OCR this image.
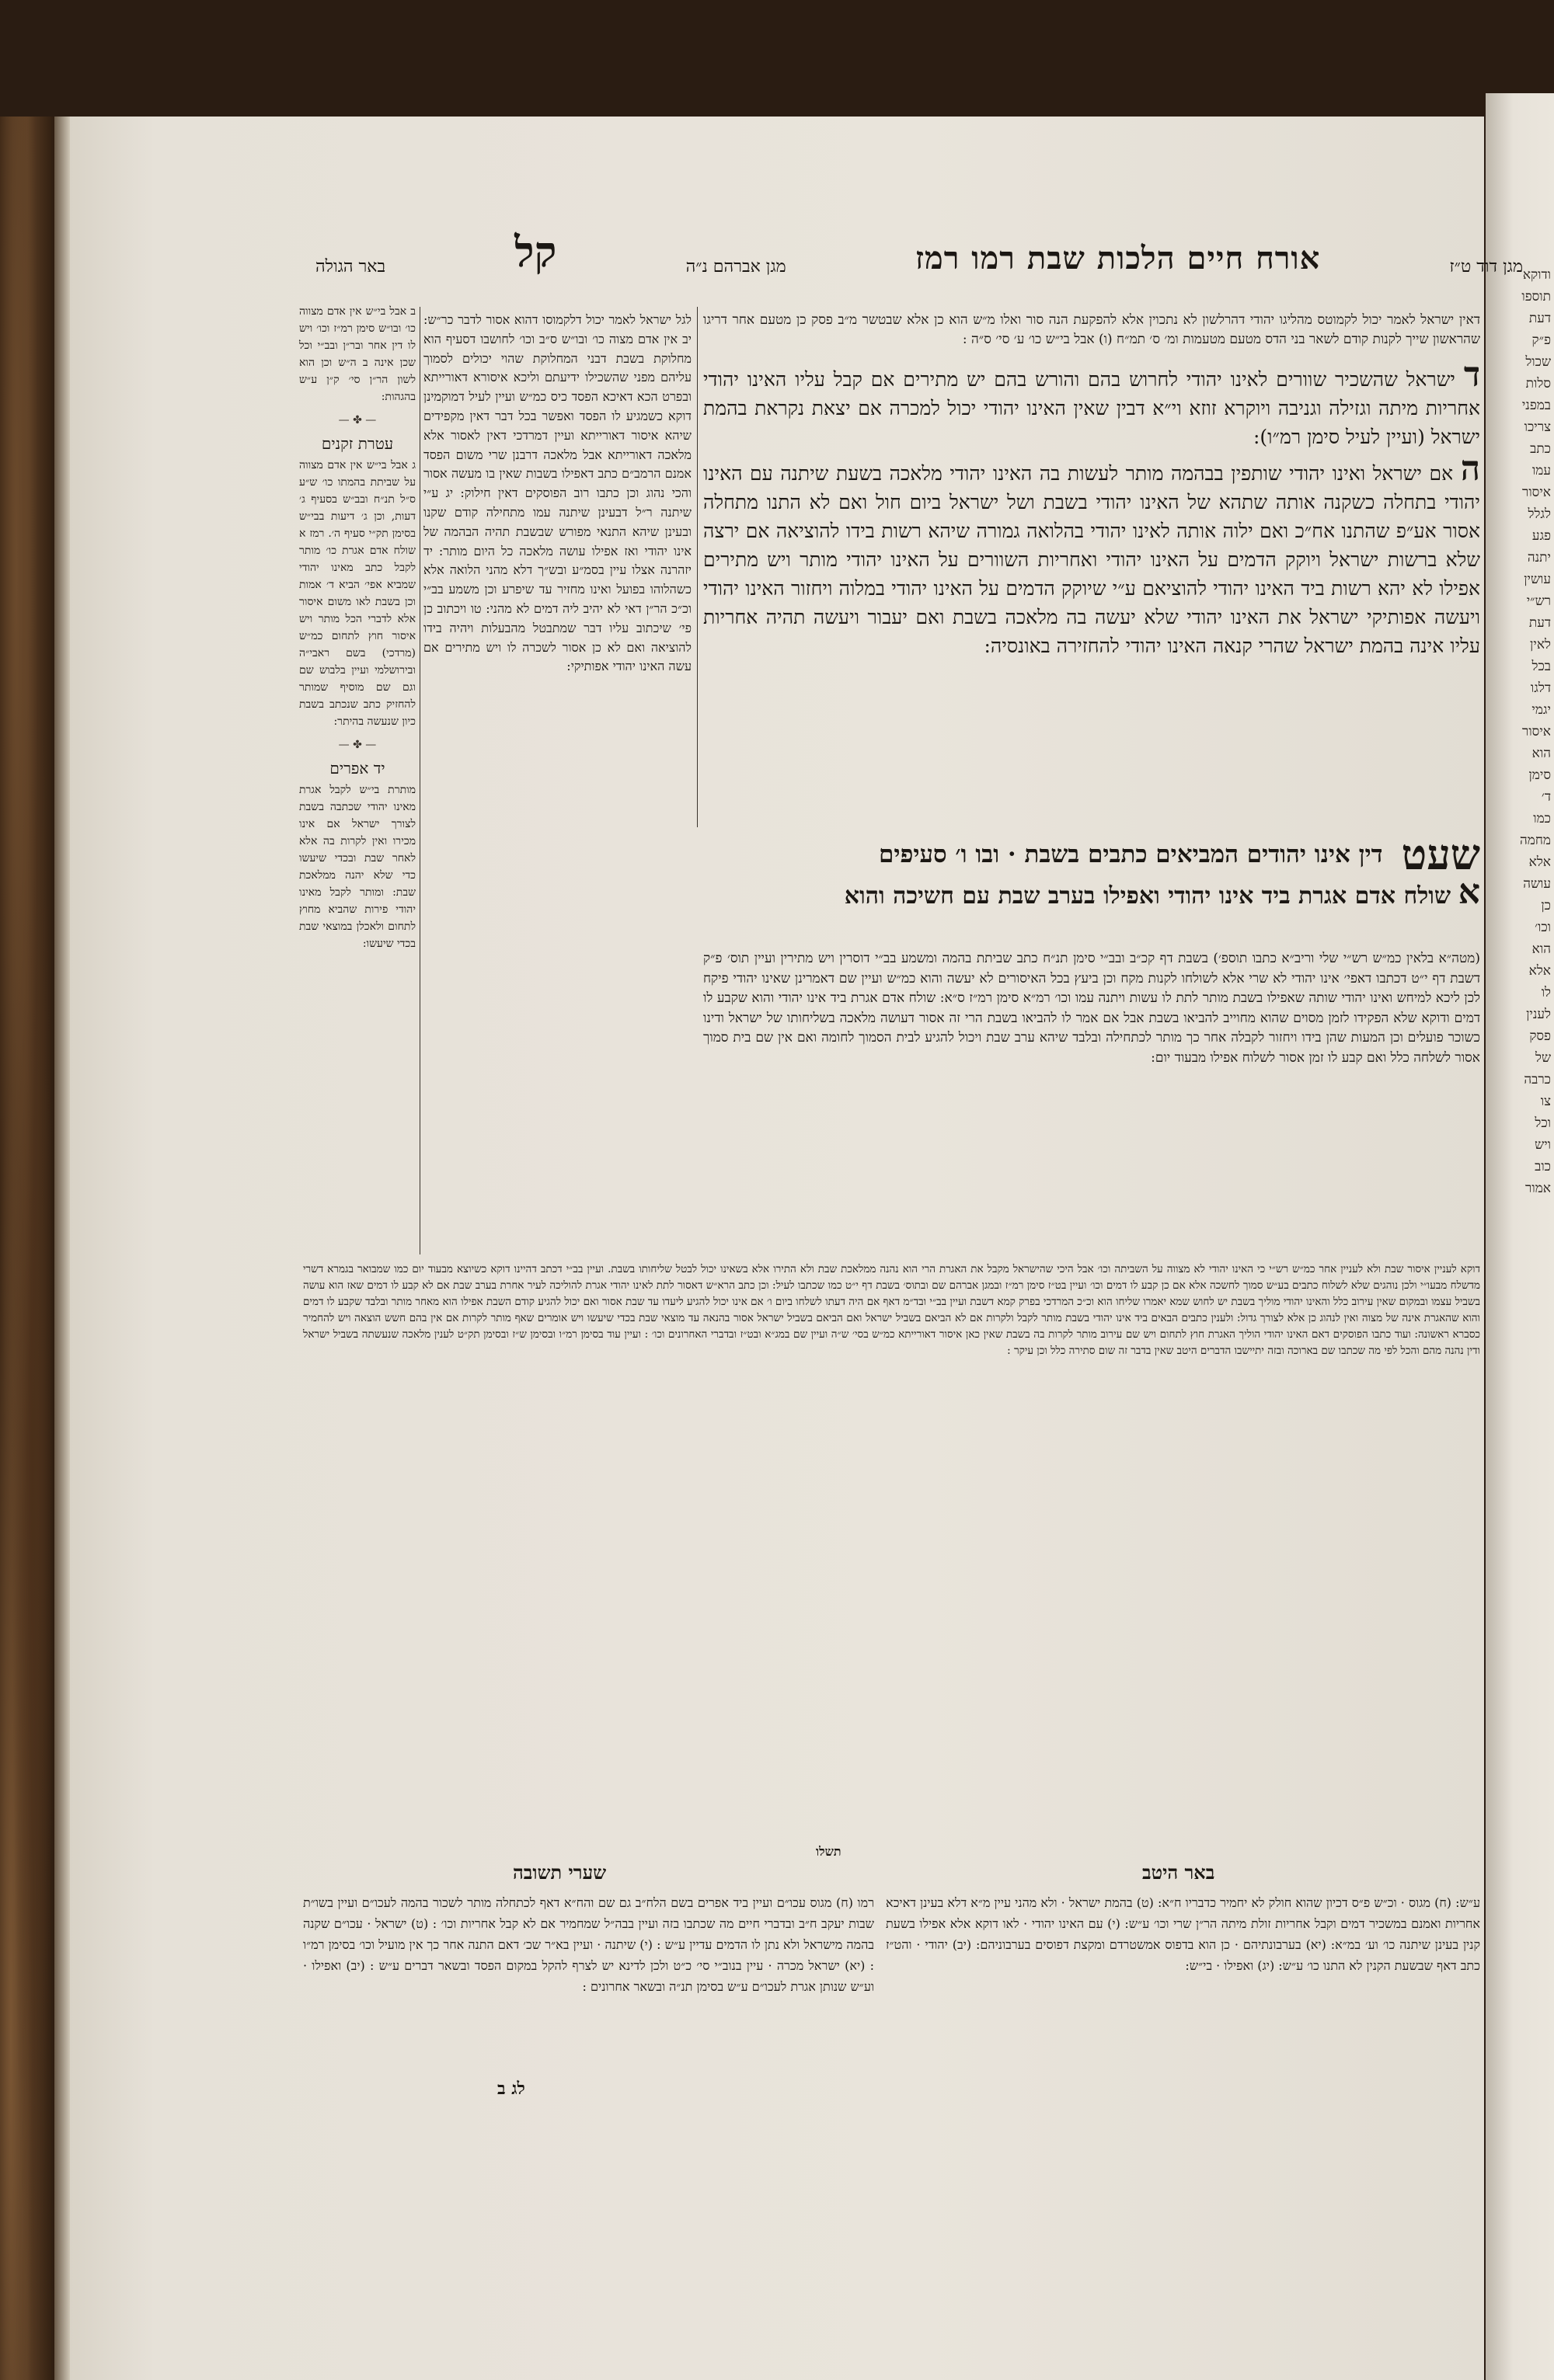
ודוקא
תוספו
דעת
פ״ק
שכול
סלות
במפני
צריכו
כתב
עמו
איסור
לגלל
פגע
יתנה
עושין
רש״י
דעת
לאין
בכל
דלגו
יגמי
איסור
הוא
סימן
ד׳
כמו
מחמה
אלא
עושה
כן
וכו׳
הוא
אלא
לו
לענין
פסק
של
כרבה
צו
וכל
ויש
כוב
אמור
באר הגולה	קל	מגן אברהם נ״ה	אורח חיים הלכות שבת רמו רמז	מגן דוד ט״ז

דאין ישראל לאמר יכול לקמוטס מהליגו יהודי דהרלשון לא נתכוין אלא להפקעת הנה סור ואלו מ״ש הוא כן אלא שבטשר מ״ב פסק כן מטעם אחר דריגו שהראשון שייך לקנות קודם לשאר בני הדס מטעם מטעמות ומ׳ ס׳ תמ״ח (ו) אבל בי״ש כו׳ ע׳ סי׳ ס״ה :

ד ישראל שהשכיר שוורים לאינו יהודי לחרוש בהם והורש בהם יש מתירים אם קבל עליו האינו יהודי אחריות מיתה וגזילה וגניבה ויוקרא זוזא וי״א דבין שאין האינו יהודי יכול למכרה אם יצאת נקראת בהמת ישראל (ועיין לעיל סימן רמ״ו):

ה אם ישראל ואינו יהודי שותפין בבהמה מותר לעשות בה האינו יהודי מלאכה בשעת שיתנה עם האינו יהודי בתחלה כשקנה אותה שתהא של האינו יהודי בשבת ושל ישראל ביום חול ואם לא התנו מתחלה אסור אע״פ שהתנו אח״כ ואם ילוה אותה לאינו יהודי בהלואה גמורה שיהא רשות בידו להוציאה אם ירצה שלא ברשות ישראל ויוקק הדמים על האינו יהודי ואחריות השוורים על האינו יהודי מותר ויש מתירים אפילו לא יהא רשות ביד האינו יהודי להוציאם ע״י שיוקק הדמים על האינו יהודי במלוה ויחזור האינו יהודי ויעשה אפותיקי ישראל את האינו יהודי שלא יעשה בה מלאכה בשבת ואם יעבור ויעשה תהיה אחריות עליו אינה בהמת ישראל שהרי קנאה האינו יהודי להחזירה באונסיה:

שעט
דין אינו יהודים המביאים כתבים בשבת · ובו ו׳ סעיפים
א שולח אדם אגרת ביד אינו יהודי ואפילו בערב שבת עם חשיכה והוא
(מטה״א בלאין כמ״ש רש״י שלי וריב״א כתבו תוספ׳) בשבת דף קכ״ב ובב״י סימן תנ״ח כתב שביתת בהמה ומשמע בב״י דוסרין ויש מתירין ועיין תוס׳ פ״ק דשבת דף י״ט דכתבו דאפי׳ אינו יהודי לא שרי אלא לשולחו לקנות מקח וכן ביעץ בכל האיסורים לא יעשה והוא כמ״ש ועיין שם דאמרינן שאינו יהודי פיקח לכן ליכא למיחש ואינו יהודי שותה שאפילו בשבת מותר לתת לו עשות ויתנה עמו וכו׳ רמ״א סימן רמ״ז ס״א: שולח אדם אגרת ביד אינו יהודי והוא שקבע לו דמים ודוקא שלא הפקידו לזמן מסוים שהוא מחוייב להביאו בשבת אבל אם אמר לו להביאו בשבת הרי זה אסור דעושה מלאכה בשליחותו של ישראל ודינו כשוכר פועלים וכן המעות שהן בידו ויחזור לקבלה אחר כך מותר לכתחילה ובלבד שיהא ערב שבת ויכול להגיע לבית הסמוך לחומה ואם אין שם בית סמוך אסור לשלחה כלל ואם קבע לו זמן אסור לשלוח אפילו מבעוד יום:
לגל ישראל לאמר יכול דלקמוסו דהוא אסור לדבר כר״ש: יב אין אדם מצוה כו׳ ובו״ש ס״ב וכו׳ לחושבו דסעיף הוא מחלוקת בשבת דבני המחלוקת שהוי יכולים לסמוך עליהם מפני שהשכילו ידיעתם וליכא איסורא דאורייתא ובפרט הכא דאיכא הפסד כיס כמ״ש ועיין לעיל דמוקמינן דוקא כשמגיע לו הפסד ואפשר בכל דבר דאין מקפידים שיהא איסור דאורייתא ועיין דמרדכי דאין לאסור אלא מלאכה דאורייתא אבל מלאכה דרבנן שרי משום הפסד אמנם הרמב״ם כתב דאפילו בשבות שאין בו מעשה אסור והכי נהוג וכן כתבו רוב הפוסקים דאין חילוק: יג ע״י שיתנה ר״ל דבעינן שיתנה עמו מתחילה קודם שקנו ובעינן שיהא התנאי מפורש שבשבת תהיה הבהמה של אינו יהודי ואז אפילו עושה מלאכה כל היום מותר: יד יזהרנה אצלו עיין בסמ״ע ובש״ך דלא מהני הלואה אלא כשהלוהו בפועל ואינו מחזיר עד שיפרע וכן משמע בב״י וכ״כ הר״ן דאי לא יהיב ליה דמים לא מהני: טו ויכתוב כן פי׳ שיכתוב עליו דבר שמתבטל מהבעלות ויהיה בידו להוציאה ואם לא כן אסור לשכרה לו ויש מתירים אם עשה האינו יהודי אפותיקי:
ב אבל בי״ש אין אדם מצווה כו׳ ובו״ש סימן רמ״ז וכו׳ ויש לו דין אחר ובר״ן ובב״י וכל שכן אינה ב ה״ש וכן הוא לשון הר״ן סי׳ ק״ן ע״ש בהגהות:
— ✤ —
עטרת זקנים
ג אבל בי״ש אין אדם מצווה על שביתת בהמתו כו׳ ש״ע ס״ל תנ״ח ובב״ש בסעיף ג׳ דעות, וכן ג׳ דיעות בבי״ש בסימן תק״י סעיף ה׳. רמז א שולח אדם אגרת כו׳ מותר לקבל כתב מאינו יהודי שמביא אפי׳ הביא ד׳ אמות וכן בשבת לאו משום איסור אלא לדברי הכל מותר ויש איסור חוץ לתחום כמ״ש (מרדכי) בשם ראבי״ה ובירושלמי ועיין בלבוש שם וגם שם מוסיף שמותר להחזיק כתב שנכתב בשבת כיון שנעשה בהיתר:
— ✤ —
יד אפרים
מותרת בי״ש לקבל אגרת מאינו יהודי שכתבה בשבת לצורך ישראל אם אינו מכירו ואין לקרות בה אלא לאחר שבת ובכדי שיעשו כדי שלא יהנה ממלאכת שבת: ומותר לקבל מאינו יהודי פירות שהביא מחוץ לתחום ולאכלן במוצאי שבת בכדי שיעשו:

דוקא לעניין איסור שבת ולא לעניין אחר כמ״ש רש״י כי האינו יהודי לא מצווה על השביתה וכו׳ אבל היכי שהישראל מקבל את האגרת הרי הוא נהנה ממלאכת שבת ולא התירו אלא בשאינו יכול לבטל שליחותו בשבת. ועיין בב״י דכתב דהיינו דוקא כשיוצא מבעוד יום כמו שמבואר בגמרא דשרי מדשלח מבעו״י ולכן נוהגים שלא לשלוח כתבים בע״ש סמוך לחשכה אלא אם כן קבע לו דמים וכו׳ ועיין בט״ז סימן רמ״ז ובמגן אברהם שם ובתוס׳ בשבת דף י״ט כמו שכתבו לעיל: וכן כתב הרא״ש דאסור לתת לאינו יהודי אגרת להוליכה לעיר אחרת בערב שבת אם לא קבע לו דמים שאז הוא עושה בשביל עצמו ובמקום שאין עירוב כלל והאינו יהודי מוליך בשבת יש לחוש שמא יאמרו שליחו הוא וכ״כ המרדכי בפרק קמא דשבת ועיין בב״י ובד״מ דאף אם היה דעתו לשלחו ביום ו׳ אם אינו יכול להגיע ליעדו עד שבת אסור ואם יכול להגיע קודם השבת אפילו הוא מאחר מותר ובלבד שקבע לו דמים והוא שהאגרת אינה של מצוה ואין לנהוג כן אלא לצורך גדול: ולענין כתבים הבאים ביד אינו יהודי בשבת מותר לקבל ולקרות אם לא הביאם בשביל ישראל ואם הביאם בשביל ישראל אסור בהנאה עד מוצאי שבת בכדי שיעשו ויש אומרים שאף מותר לקרות אם אין בהם חשש הוצאה ויש להחמיר כסברא ראשונה: ועוד כתבו הפוסקים דאם האינו יהודי הוליך האגרת חוץ לתחום ויש שם עירוב מותר לקרות בה בשבת שאין כאן איסור דאורייתא כמ״ש בסי׳ ש״ה ועיין שם במג״א ובט״ז ובדברי האחרונים וכו׳ : ועיין עוד בסימן רמ״ו ובסימן ש״ז ובסימן תק״ט לענין מלאכה שנעשתה בשביל ישראל ודין נהנה מהם והכל לפי מה שכתבו שם בארוכה ובזה יתיישבו הדברים היטב שאין בדבר זה שום סתירה כלל וכן עיקר :

באר היטב
ע״ש: (ח) מגוס · וכ״ש פ״ס דכיון שהוא חולק לא יחמיר כדבריו ח״א: (ט) בהמת ישראל · ולא מהני עיין מ״א דלא בעינן דאיכא אחריות ואמנם במשכיר דמים וקבל אחריות זולת מיתה הר״ן שרי וכו׳ ע״ש: (י) עם האינו יהודי · לאו דוקא אלא אפילו בשעת קנין בעינן שיתנה כו׳ וע׳ במ״א: (יא) בערבונתיהם · כן הוא בדפוס אמשטרדם ומקצת דפוסים בערבוניהם: (יב) יהודי · והט״ז כתב דאף שבשעת הקנין לא התנו כו׳ ע״ש: (יג) ואפילו · בי״ש:
שערי תשובה
רמו (ח) מגוס עכו״ם ועיין ביד אפרים בשם הלח״ב גם שם והח״א דאף לכתחלה מותר לשכור בהמה לעכו״ם ועיין בשו״ת שבות יעקב ח״ב ובדברי חיים מה שכתבו בזה ועיין בבה״ל שמחמיר אם לא קבל אחריות וכו׳ : (ט) ישראל · עכו״ם שקנה בהמה מישראל ולא נתן לו הדמים עדיין ע״ש : (י) שיתנה · ועיין בא״ר שכ׳ דאם התנה אחר כך אין מועיל וכו׳ בסימן רמ״ו : (יא) ישראל מכרה · עיין בנוב״י סי׳ כ״ט ולכן לדינא יש לצרף להקל במקום הפסד ובשאר דברים ע״ש : (יב) ואפילו · וע״ש שנותן אגרת לעכו״ם ע״ש בסימן תנ״ה ובשאר אחרונים :
לג ב
תשלו
